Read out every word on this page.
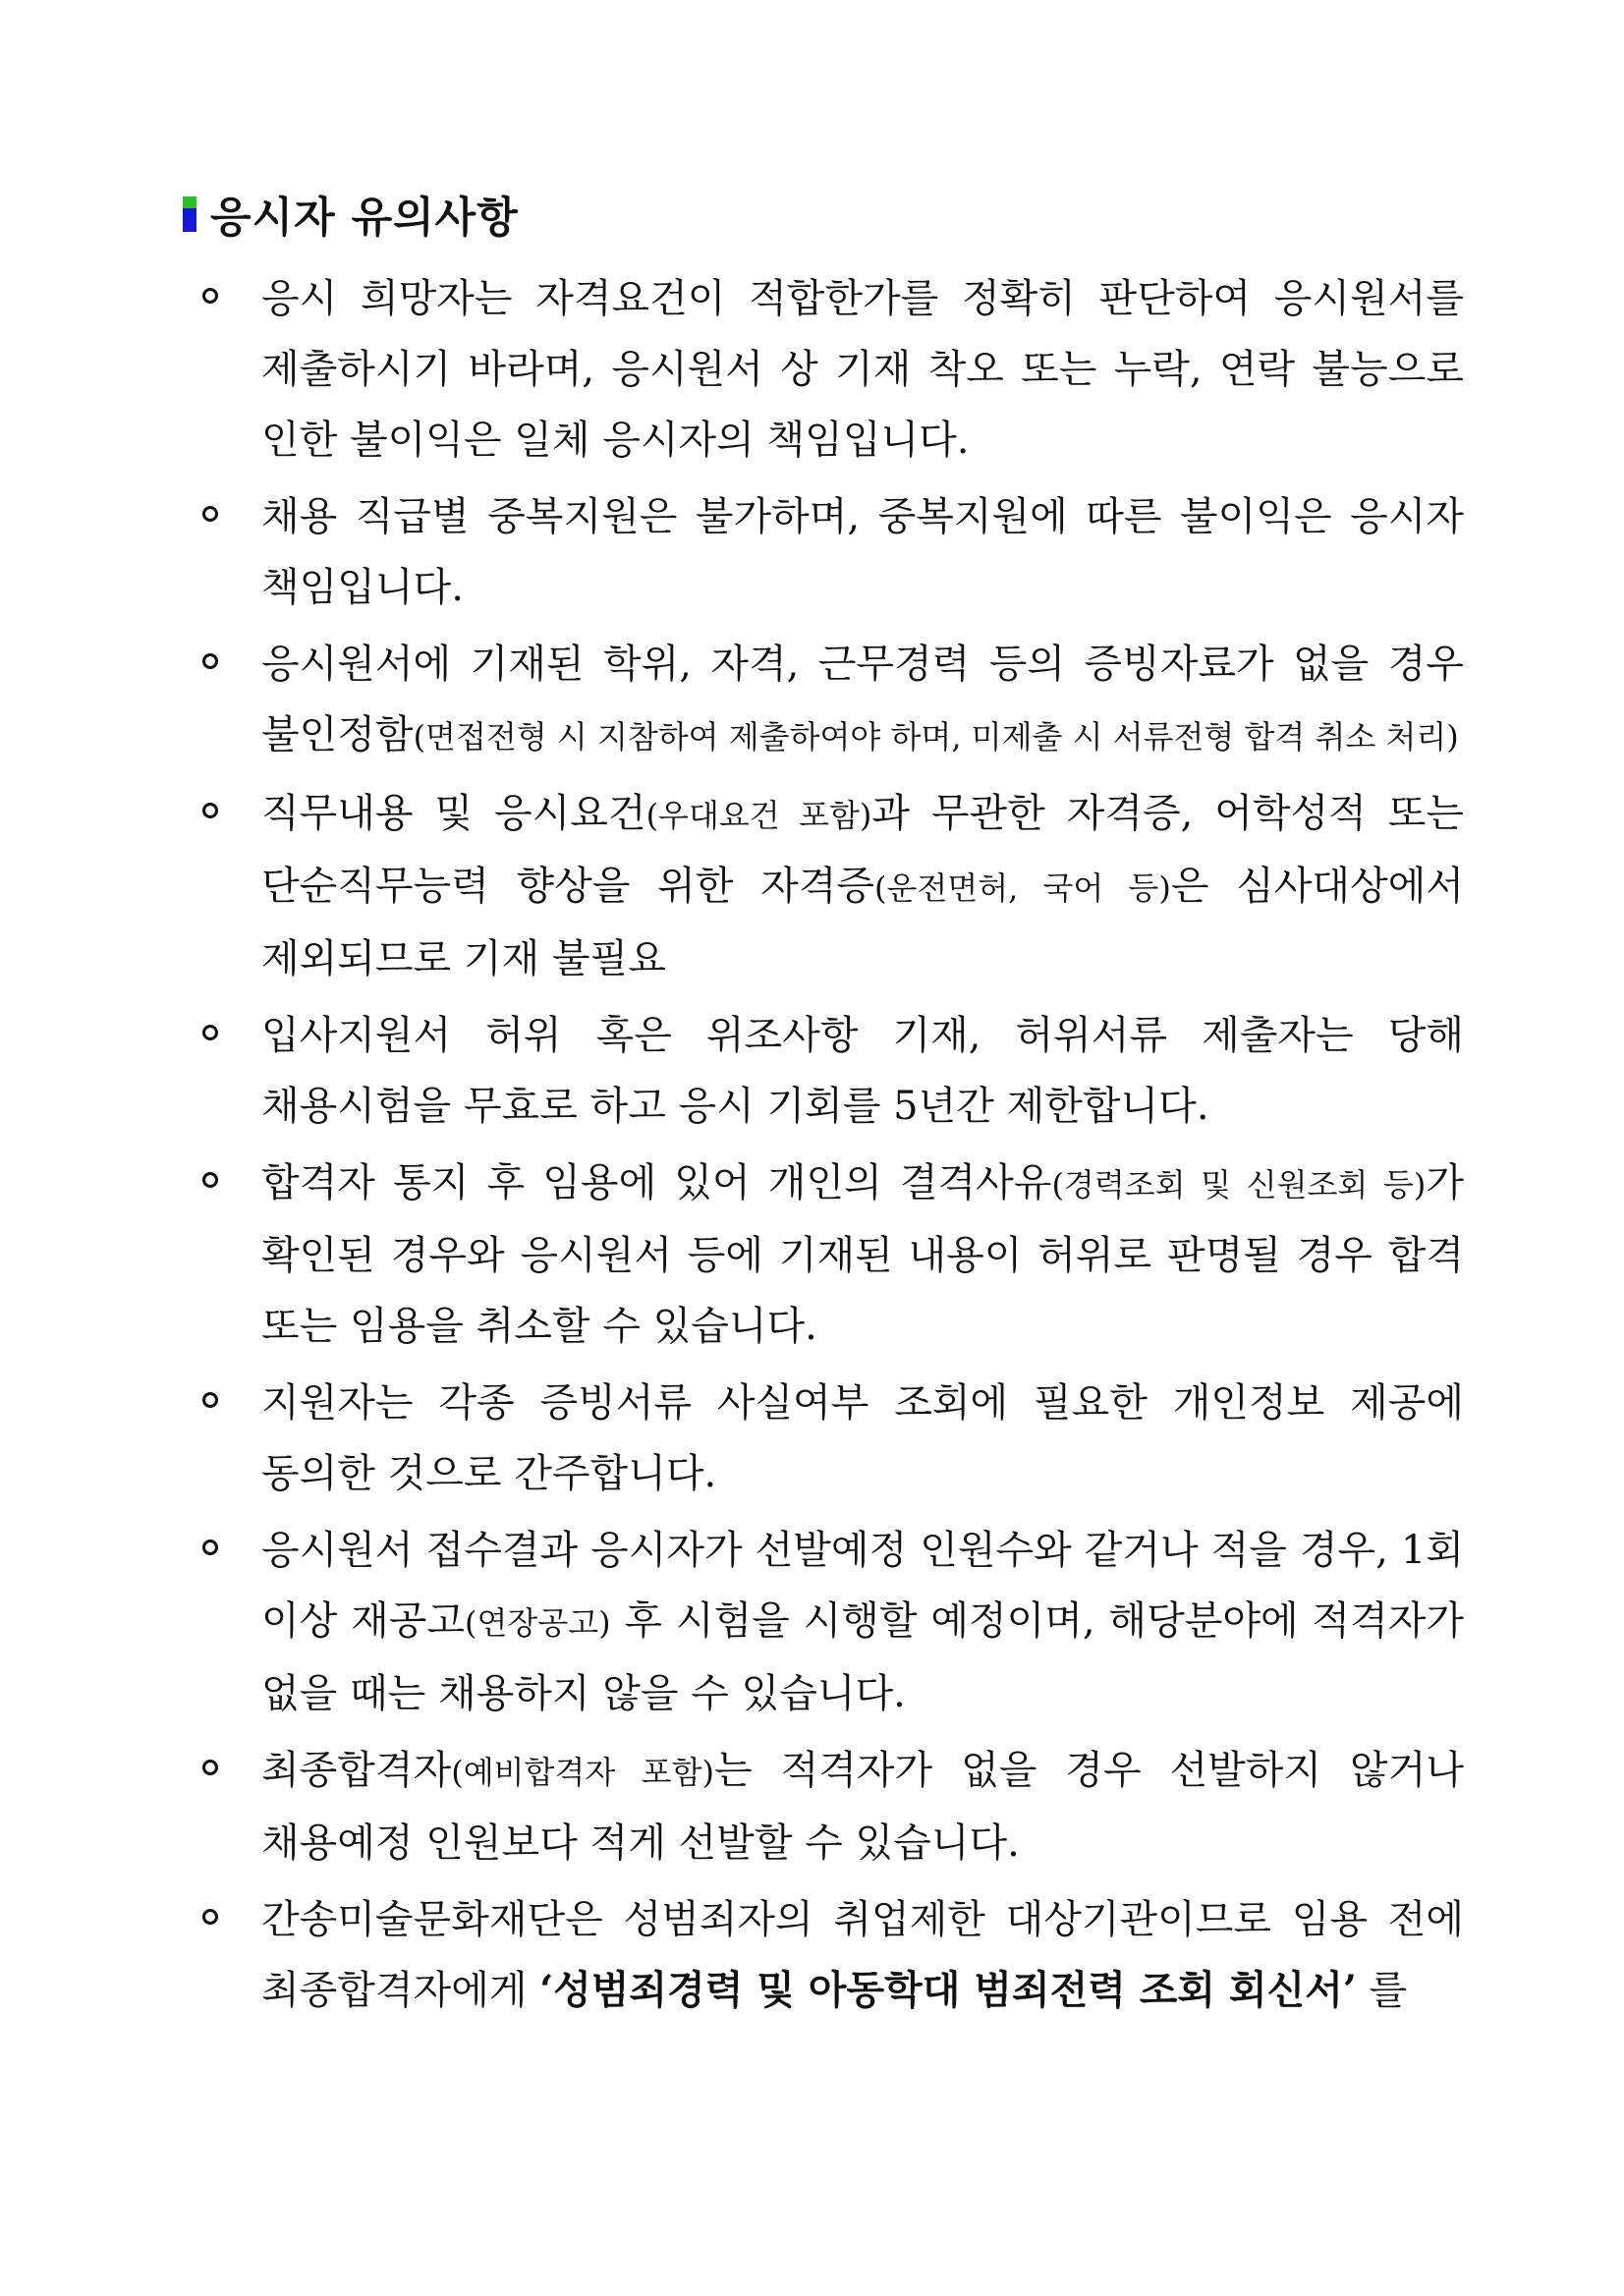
응시자 유의사항
응시 희망자는 자격요건이 적합한가를 정확히 판단하여 응시원서를 제출하시기 바라며, 응시원서 상 기재 착오 또는 누락, 연락 불능으로 인한 불이익은 일체 응시자의 책임입니다.
채용 직급별 중복지원은 불가하며, 중복지원에 따른 불이익은 응시자 책임입니다.
응시원서에 기재된 학위, 자격, 근무경력 등의 증빙자료가 없을 경우 불인정함(면접전형 시 지참하여 제출하여야 하며, 미제출 시 서류전형 합격 취소 처리)
직무내용 및 응시요건(우대요건 포함)과 무관한 자격증, 어학성적 또는 단순직무능력 향상을 위한 자격증(운전면허, 국어 등)은 심사대상에서 제외되므로 기재 불필요
입사지원서 허위 혹은 위조사항 기재, 허위서류 제출자는 당해 채용시험을 무효로 하고 응시 기회를 5년간 제한합니다.
합격자 통지 후 임용에 있어 개인의 결격사유(경력조회 및 신원조회 등)가 확인된 경우와 응시원서 등에 기재된 내용이 허위로 판명될 경우 합격 또는 임용을 취소할 수 있습니다.
지원자는 각종 증빙서류 사실여부 조회에 필요한 개인정보 제공에 동의한 것으로 간주합니다.
응시원서 접수결과 응시자가 선발예정 인원수와 같거나 적을 경우, 1회 이상 재공고(연장공고) 후 시험을 시행할 예정이며, 해당분야에 적격자가 없을 때는 채용하지 않을 수 있습니다.
최종합격자(예비합격자 포함)는 적격자가 없을 경우 선발하지 않거나 채용예정 인원보다 적게 선발할 수 있습니다.
간송미술문화재단은 성범죄자의 취업제한 대상기관이므로 임용 전에 최종합격자에게 ‘성범죄경력 및 아동학대 범죄전력 조회 회신서’ 를
